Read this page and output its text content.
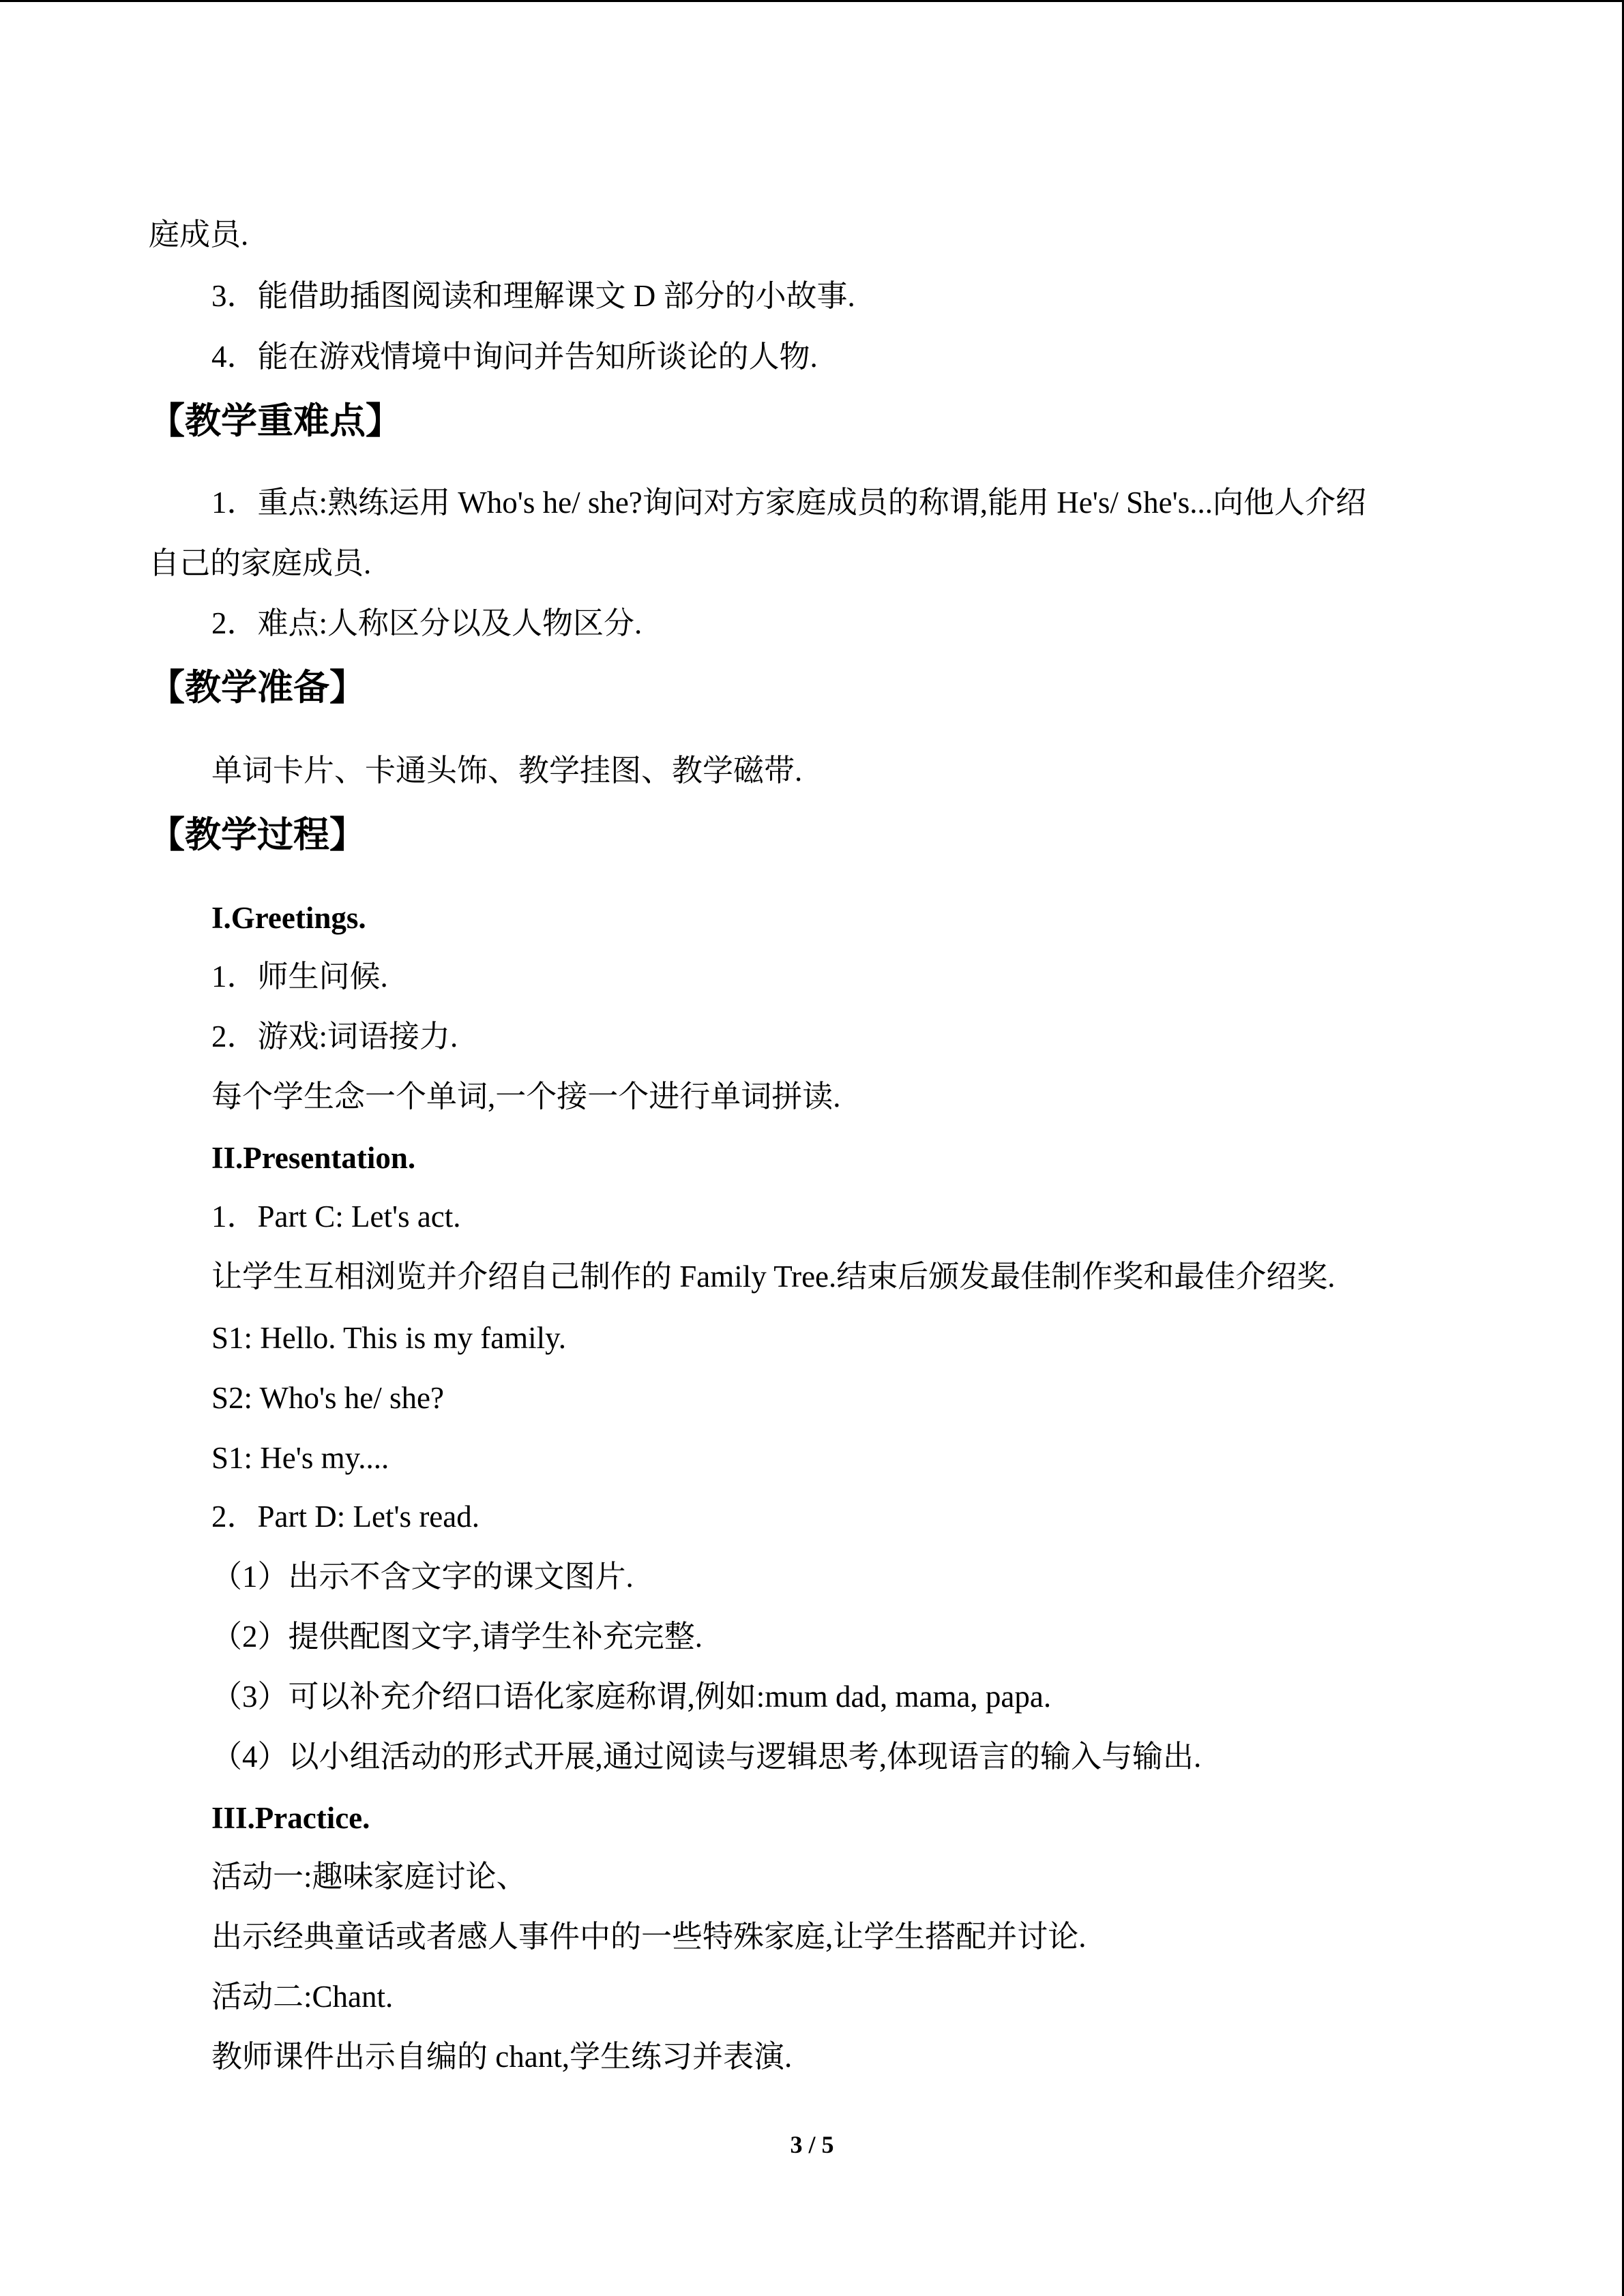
庭成员.
3．能借助插图阅读和理解课文 D 部分的小故事.
4．能在游戏情境中询问并告知所谈论的人物.
【教学重难点】
1．重点:熟练运用 Who's he/ she?询问对方家庭成员的称谓,能用 He's/ She's...向他人介绍
自己的家庭成员.
2．难点:人称区分以及人物区分.
【教学准备】
单词卡片、卡通头饰、教学挂图、教学磁带.
【教学过程】
I.Greetings.
1．师生问候.
2．游戏:词语接力.
每个学生念一个单词,一个接一个进行单词拼读.
II.Presentation.
1．Part C: Let's act.
让学生互相浏览并介绍自己制作的 Family Tree.结束后颁发最佳制作奖和最佳介绍奖.
S1: Hello. This is my family.
S2: Who's he/ she?
S1: He's my....
2．Part D: Let's read.
（1）出示不含文字的课文图片.
（2）提供配图文字,请学生补充完整.
（3）可以补充介绍口语化家庭称谓,例如:mum dad, mama, papa.
（4）以小组活动的形式开展,通过阅读与逻辑思考,体现语言的输入与输出.
III.Practice.
活动一:趣味家庭讨论、
出示经典童话或者感人事件中的一些特殊家庭,让学生搭配并讨论.
活动二:Chant.
教师课件出示自编的 chant,学生练习并表演.
3 / 5
